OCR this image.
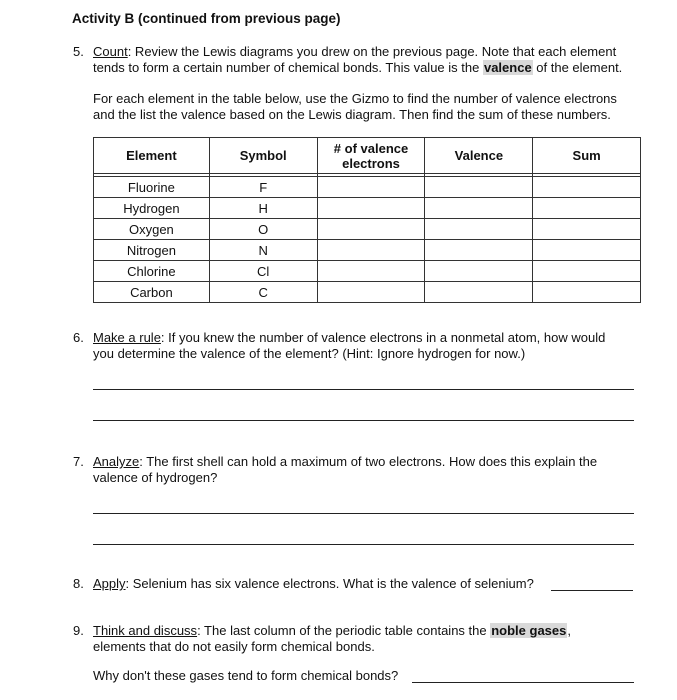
Activity B (continued from previous page)
5. Count: Review the Lewis diagrams you drew on the previous page. Note that each element
tends to form a certain number of chemical bonds. This value is the valence of the element.
For each element in the table below, use the Gizmo to find the number of valence electrons
and the list the valence based on the Lewis diagram. Then find the sum of these numbers.
Element	Symbol	# of valence electrons	Valence	Sum

Fluorine	F			
Hydrogen	H			
Oxygen	O			
Nitrogen	N			
Chlorine	Cl			
Carbon	C			
6. Make a rule: If you knew the number of valence electrons in a nonmetal atom, how would
you determine the valence of the element? (Hint: Ignore hydrogen for now.)
7. Analyze: The first shell can hold a maximum of two electrons. How does this explain the
valence of hydrogen?
8. Apply: Selenium has six valence electrons. What is the valence of selenium?
9. Think and discuss: The last column of the periodic table contains the noble gases,
elements that do not easily form chemical bonds.
Why don't these gases tend to form chemical bonds?
